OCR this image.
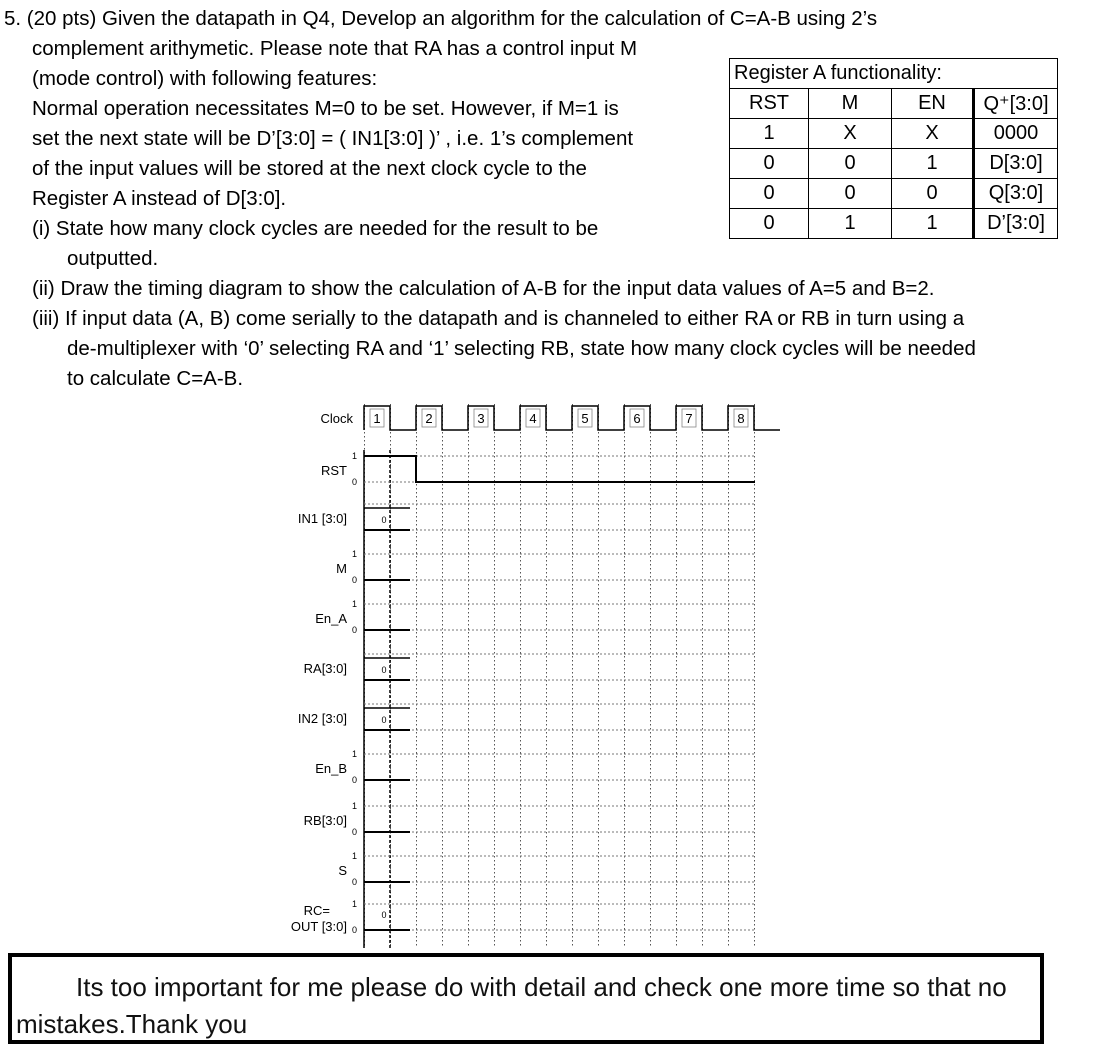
5. (20 pts) Given the datapath in Q4, Develop an algorithm for the calculation of C=A-B using 2’s
complement arithymetic. Please note that RA has a control input M
(mode control) with following features:
Normal operation necessitates M=0 to be set. However, if M=1 is
set the next state will be D’[3:0] = ( IN1[3:0] )’ , i.e. 1’s complement
of the input values will be stored at the next clock cycle to the
Register A instead of D[3:0].
(i) State how many clock cycles are needed for the result to be
outputted.
(ii) Draw the timing diagram to show the calculation of A-B for the input data values of A=5 and B=2.
(iii) If input data (A, B) come serially to the datapath and is channeled to either RA or RB in turn using a
de-multiplexer with ‘0’ selecting RA and ‘1’ selecting RB, state how many clock cycles will be needed
to calculate C=A-B.
Register A functionality:			
RST	M	EN	Q⁺[3:0]
1	X	X	0000
0	0	1	D[3:0]
0	0	0	Q[3:0]
0	1	1	D’[3:0]
Clock 1	2	3	4	5	6	7	8
RST
1
0
IN1 [3:0]	0
M
1
0
En_A
1
0
RA[3:0]	0
IN2 [3:0]	0
En_B
1
0
RB[3:0]
1
0
S
1
0
RC=
OUT [3:0]
1
0
0
Its too important for me please do with detail and check one more time so that no
mistakes.Thank you
